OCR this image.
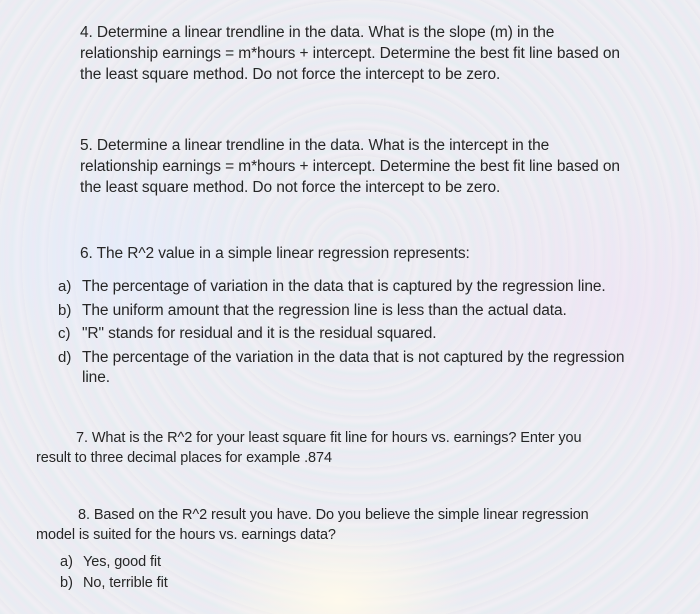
4. Determine a linear trendline in the data. What is the slope (m) in the
relationship earnings = m*hours + intercept. Determine the best fit line based on
the least square method. Do not force the intercept to be zero.
5. Determine a linear trendline in the data. What is the intercept in the
relationship earnings = m*hours + intercept. Determine the best fit line based on
the least square method. Do not force the intercept to be zero.
6. The R^2 value in a simple linear regression represents:
a) The percentage of variation in the data that is captured by the regression line.
b) The uniform amount that the regression line is less than the actual data.
c) "R" stands for residual and it is the residual squared.
d) The percentage of the variation in the data that is not captured by the regression
line.
7. What is the R^2 for your least square fit line for hours vs. earnings? Enter you
result to three decimal places for example .874
8. Based on the R^2 result you have. Do you believe the simple linear regression
model is suited for the hours vs. earnings data?
a) Yes, good fit
b) No, terrible fit
